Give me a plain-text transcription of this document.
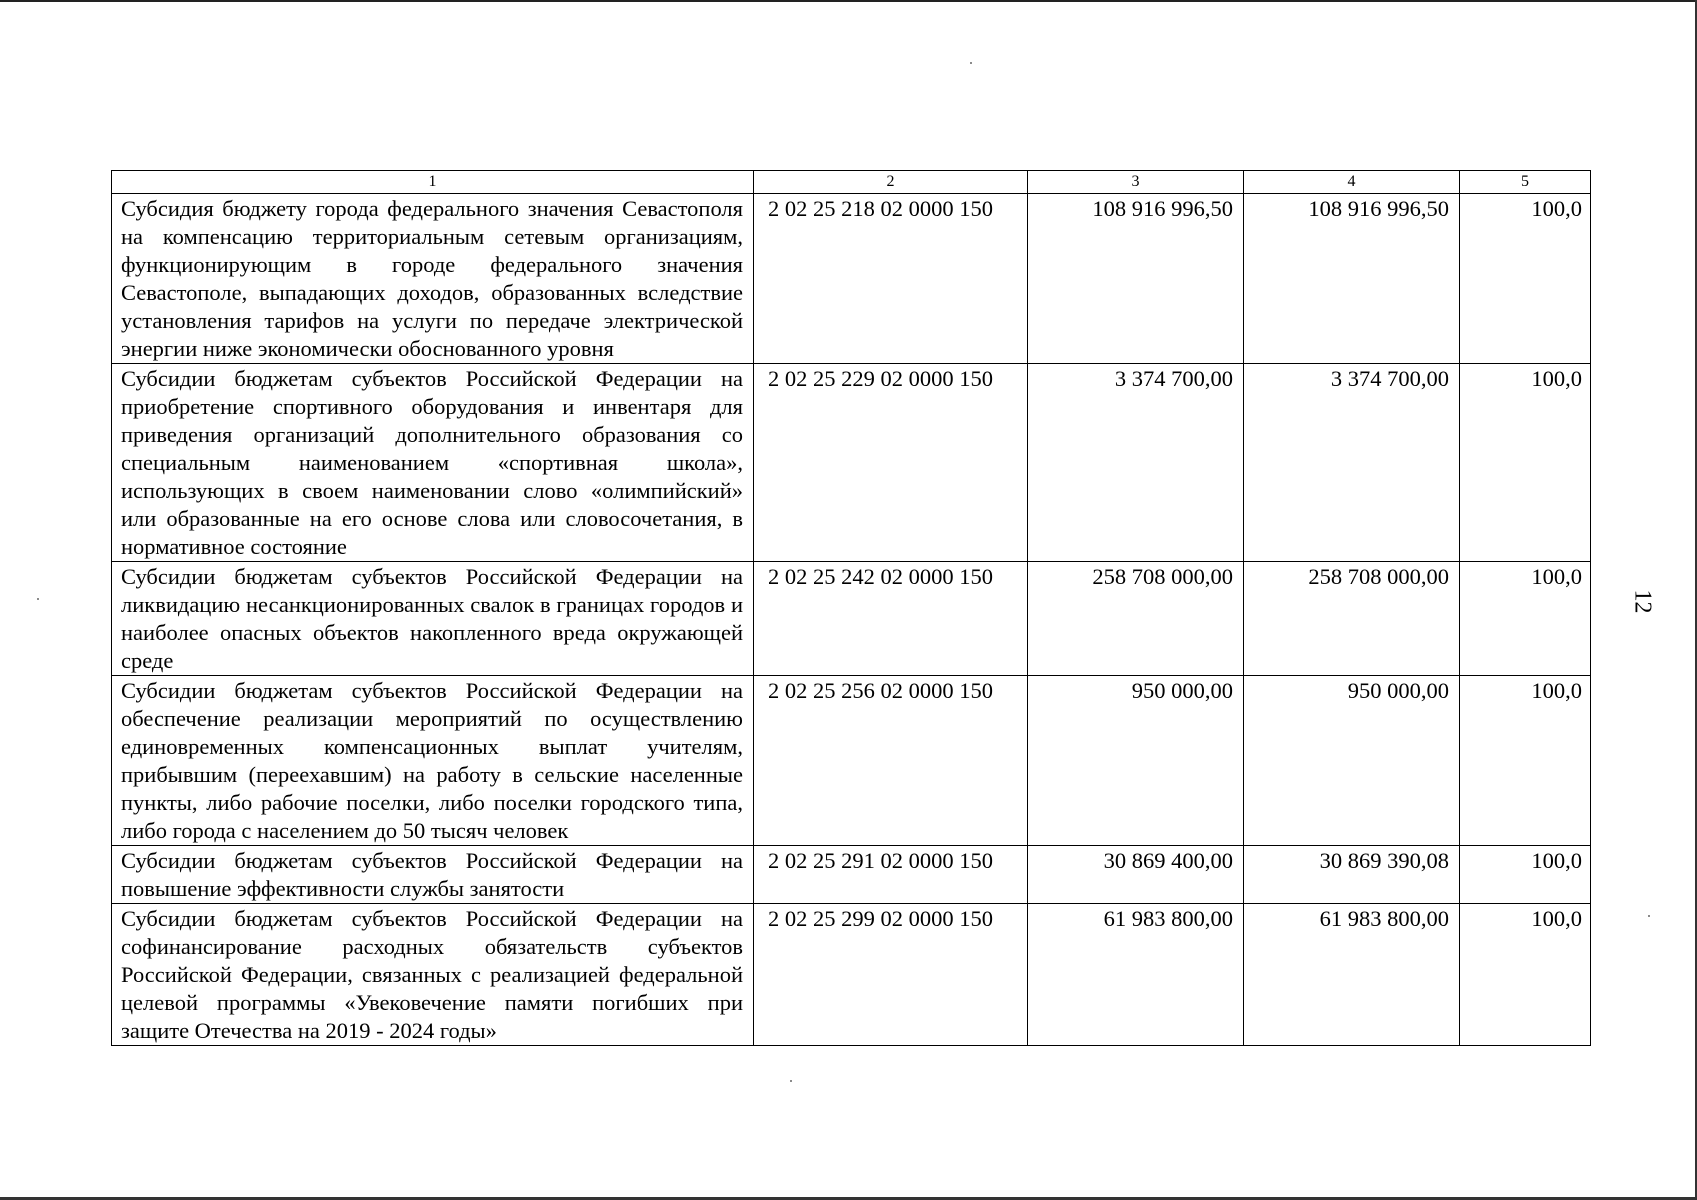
1	2	3	4	5
Субсидия бюджету города федерального значения Севастополя на компенсацию территориальным сетевым организациям, функционирующим в городе федерального значения Севастополе, выпадающих доходов, образованных вследствие установления тарифов на услуги по передаче электрической энергии ниже экономически обоснованного уровня	2 02 25 218 02 0000 150	108 916 996,50	108 916 996,50	100,0
Субсидии бюджетам субъектов Российской Федерации на приобретение спортивного оборудования и инвентаря для приведения организаций дополнительного образования со специальным наименованием «спортивная школа», использующих в своем наименовании слово «олимпийский» или образованные на его основе слова или словосочетания, в нормативное состояние	2 02 25 229 02 0000 150	3 374 700,00	3 374 700,00	100,0
Субсидии бюджетам субъектов Российской Федерации на ликвидацию несанкционированных свалок в границах городов и наиболее опасных объектов накопленного вреда окружающей среде	2 02 25 242 02 0000 150	258 708 000,00	258 708 000,00	100,0
Субсидии бюджетам субъектов Российской Федерации на обеспечение реализации мероприятий по осуществлению единовременных компенсационных выплат учителям, прибывшим (переехавшим) на работу в сельские населенные пункты, либо рабочие поселки, либо поселки городского типа, либо города с населением до 50 тысяч человек	2 02 25 256 02 0000 150	950 000,00	950 000,00	100,0
Субсидии бюджетам субъектов Российской Федерации на повышение эффективности службы занятости	2 02 25 291 02 0000 150	30 869 400,00	30 869 390,08	100,0
Субсидии бюджетам субъектов Российской Федерации на софинансирование расходных обязательств субъектов Российской Федерации, связанных с реализацией федеральной целевой программы «Увековечение памяти погибших при защите Отечества на 2019 - 2024 годы»	2 02 25 299 02 0000 150	61 983 800,00	61 983 800,00	100,0
12
